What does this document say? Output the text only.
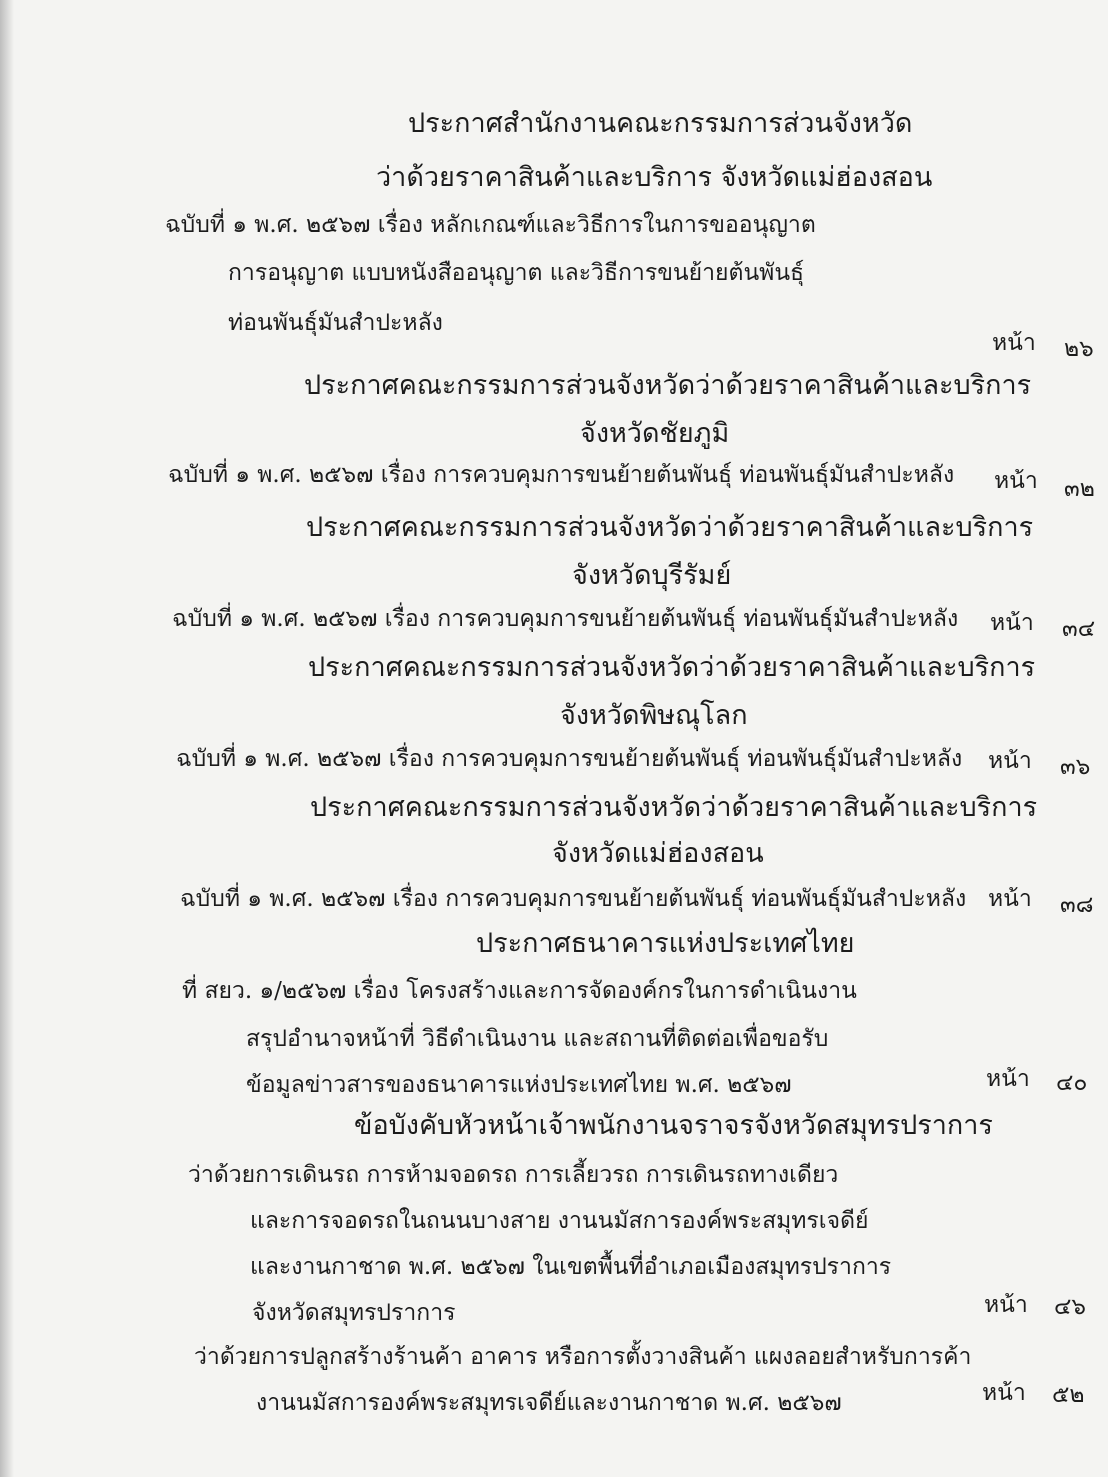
ประกาศสำนักงานคณะกรรมการส่วนจังหวัด
ว่าด้วยราคาสินค้าและบริการ จังหวัดแม่ฮ่องสอน
ฉบับที่ ๑ พ.ศ. ๒๕๖๗ เรื่อง หลักเกณฑ์และวิธีการในการขออนุญาต
การอนุญาต แบบหนังสืออนุญาต และวิธีการขนย้ายต้นพันธุ์
ท่อนพันธุ์มันสำปะหลัง
หน้า ๒๖
ประกาศคณะกรรมการส่วนจังหวัดว่าด้วยราคาสินค้าและบริการ
จังหวัดชัยภูมิ
ฉบับที่ ๑ พ.ศ. ๒๕๖๗ เรื่อง การควบคุมการขนย้ายต้นพันธุ์ ท่อนพันธุ์มันสำปะหลัง หน้า ๓๒
ประกาศคณะกรรมการส่วนจังหวัดว่าด้วยราคาสินค้าและบริการ
จังหวัดบุรีรัมย์
ฉบับที่ ๑ พ.ศ. ๒๕๖๗ เรื่อง การควบคุมการขนย้ายต้นพันธุ์ ท่อนพันธุ์มันสำปะหลัง หน้า ๓๔
ประกาศคณะกรรมการส่วนจังหวัดว่าด้วยราคาสินค้าและบริการ
จังหวัดพิษณุโลก
ฉบับที่ ๑ พ.ศ. ๒๕๖๗ เรื่อง การควบคุมการขนย้ายต้นพันธุ์ ท่อนพันธุ์มันสำปะหลัง หน้า ๓๖
ประกาศคณะกรรมการส่วนจังหวัดว่าด้วยราคาสินค้าและบริการ
จังหวัดแม่ฮ่องสอน
ฉบับที่ ๑ พ.ศ. ๒๕๖๗ เรื่อง การควบคุมการขนย้ายต้นพันธุ์ ท่อนพันธุ์มันสำปะหลัง หน้า ๓๘
ประกาศธนาคารแห่งประเทศไทย
ที่ สยว. ๑/๒๕๖๗ เรื่อง โครงสร้างและการจัดองค์กรในการดำเนินงาน
สรุปอำนาจหน้าที่ วิธีดำเนินงาน และสถานที่ติดต่อเพื่อขอรับ
ข้อมูลข่าวสารของธนาคารแห่งประเทศไทย พ.ศ. ๒๕๖๗	หน้า ๔๐
ข้อบังคับหัวหน้าเจ้าพนักงานจราจรจังหวัดสมุทรปราการ
ว่าด้วยการเดินรถ การห้ามจอดรถ การเลี้ยวรถ การเดินรถทางเดียว
และการจอดรถในถนนบางสาย งานนมัสการองค์พระสมุทรเจดีย์
และงานกาชาด พ.ศ. ๒๕๖๗ ในเขตพื้นที่อำเภอเมืองสมุทรปราการ
จังหวัดสมุทรปราการ	หน้า ๔๖
ว่าด้วยการปลูกสร้างร้านค้า อาคาร หรือการตั้งวางสินค้า แผงลอยสำหรับการค้า
งานนมัสการองค์พระสมุทรเจดีย์และงานกาชาด พ.ศ. ๒๕๖๗	หน้า ๕๒
